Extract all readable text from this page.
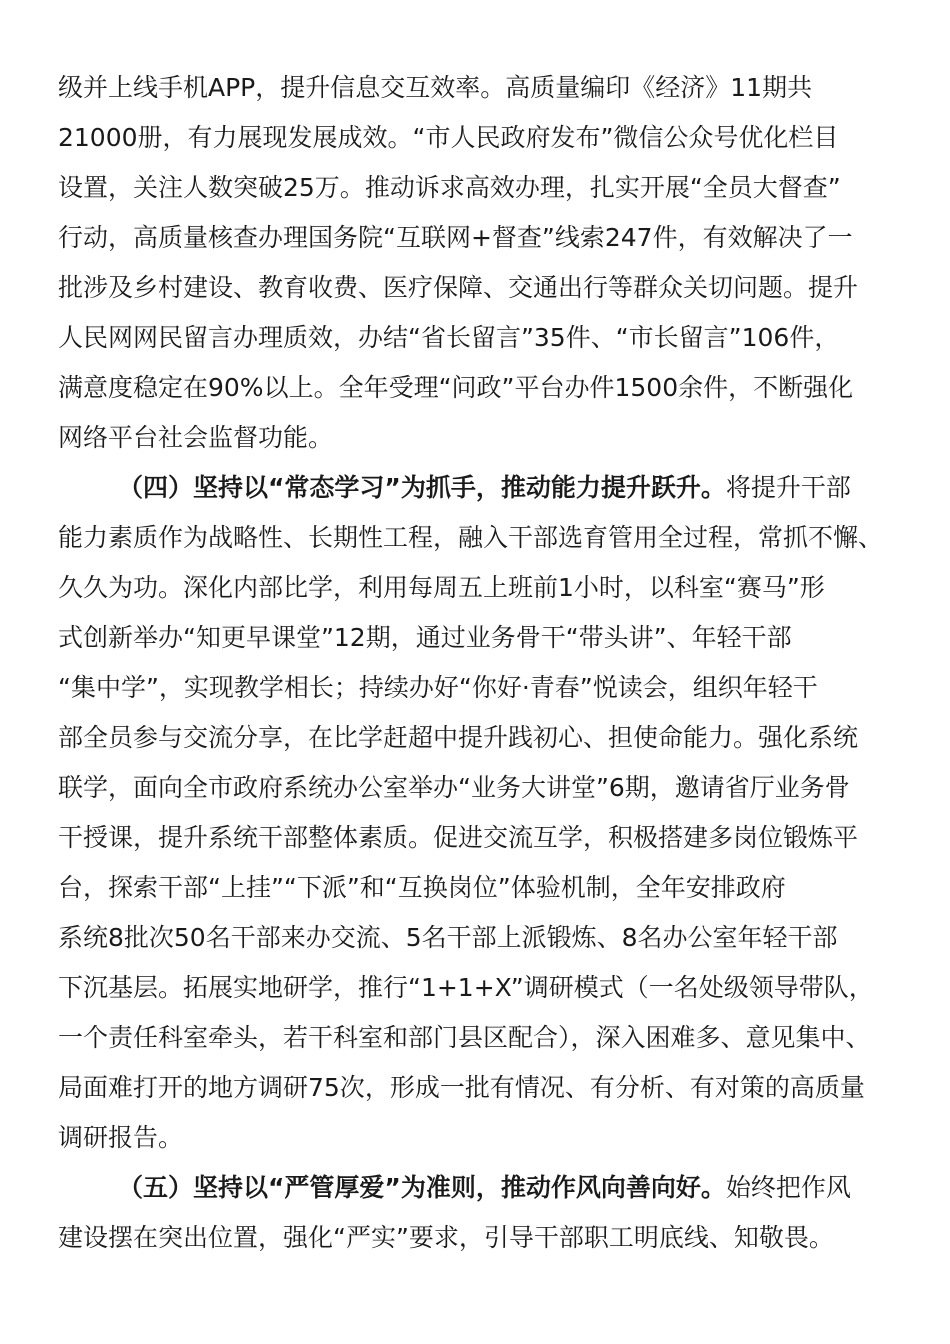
级并上线手机APP，提升信息交互效率。高质量编印《经济》11期共
21000册，有力展现发展成效。“市人民政府发布”微信公众号优化栏目
设置，关注人数突破25万。推动诉求高效办理，扎实开展“全员大督查”
行动，高质量核查办理国务院“互联网+督查”线索247件，有效解决了一
批涉及乡村建设、教育收费、医疗保障、交通出行等群众关切问题。提升
人民网网民留言办理质效，办结“省长留言”35件、“市长留言”106件，
满意度稳定在90%以上。全年受理“问政”平台办件1500余件，不断强化
网络平台社会监督功能。
（四）坚持以“常态学习”为抓手，推动能力提升跃升。将提升干部
能力素质作为战略性、长期性工程，融入干部选育管用全过程，常抓不懈、
久久为功。深化内部比学，利用每周五上班前1小时，以科室“赛马”形
式创新举办“知更早课堂”12期，通过业务骨干“带头讲”、年轻干部
“集中学”，实现教学相长；持续办好“你好·青春”悦读会，组织年轻干
部全员参与交流分享，在比学赶超中提升践初心、担使命能力。强化系统
联学，面向全市政府系统办公室举办“业务大讲堂”6期，邀请省厅业务骨
干授课，提升系统干部整体素质。促进交流互学，积极搭建多岗位锻炼平
台，探索干部“上挂”“下派”和“互换岗位”体验机制，全年安排政府
系统8批次50名干部来办交流、5名干部上派锻炼、8名办公室年轻干部
下沉基层。拓展实地研学，推行“1+1+X”调研模式（一名处级领导带队，
一个责任科室牵头，若干科室和部门县区配合），深入困难多、意见集中、
局面难打开的地方调研75次，形成一批有情况、有分析、有对策的高质量
调研报告。
（五）坚持以“严管厚爱”为准则，推动作风向善向好。始终把作风
建设摆在突出位置，强化“严实”要求，引导干部职工明底线、知敬畏。
